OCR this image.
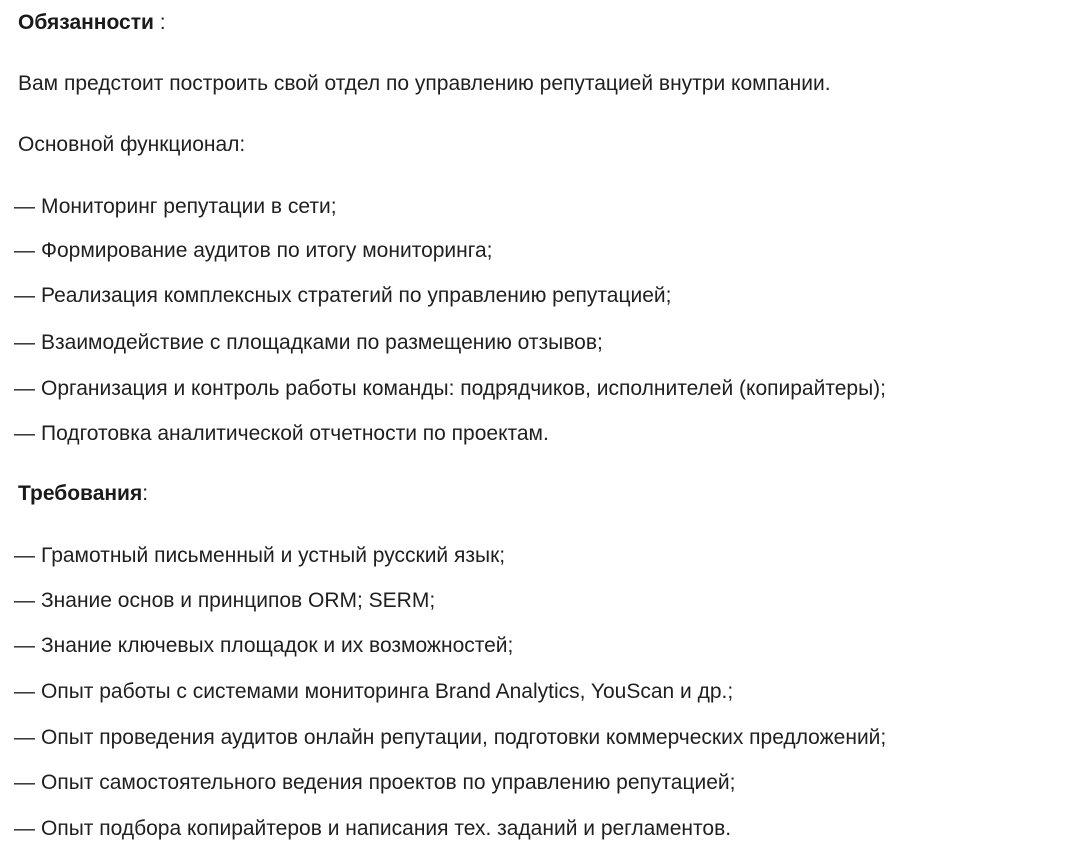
Обязанности :
Вам предстоит построить свой отдел по управлению репутацией внутри компании.
Основной функционал:
— Мониторинг репутации в сети;
— Формирование аудитов по итогу мониторинга;
— Реализация комплексных стратегий по управлению репутацией;
— Взаимодействие с площадками по размещению отзывов;
— Организация и контроль работы команды: подрядчиков, исполнителей (копирайтеры);
— Подготовка аналитической отчетности по проектам.
Требования:
— Грамотный письменный и устный русский язык;
— Знание основ и принципов ORM; SERM;
— Знание ключевых площадок и их возможностей;
— Опыт работы с системами мониторинга Brand Analytics, YouScan и др.;
— Опыт проведения аудитов онлайн репутации, подготовки коммерческих предложений;
— Опыт самостоятельного ведения проектов по управлению репутацией;
— Опыт подбора копирайтеров и написания тех. заданий и регламентов.
